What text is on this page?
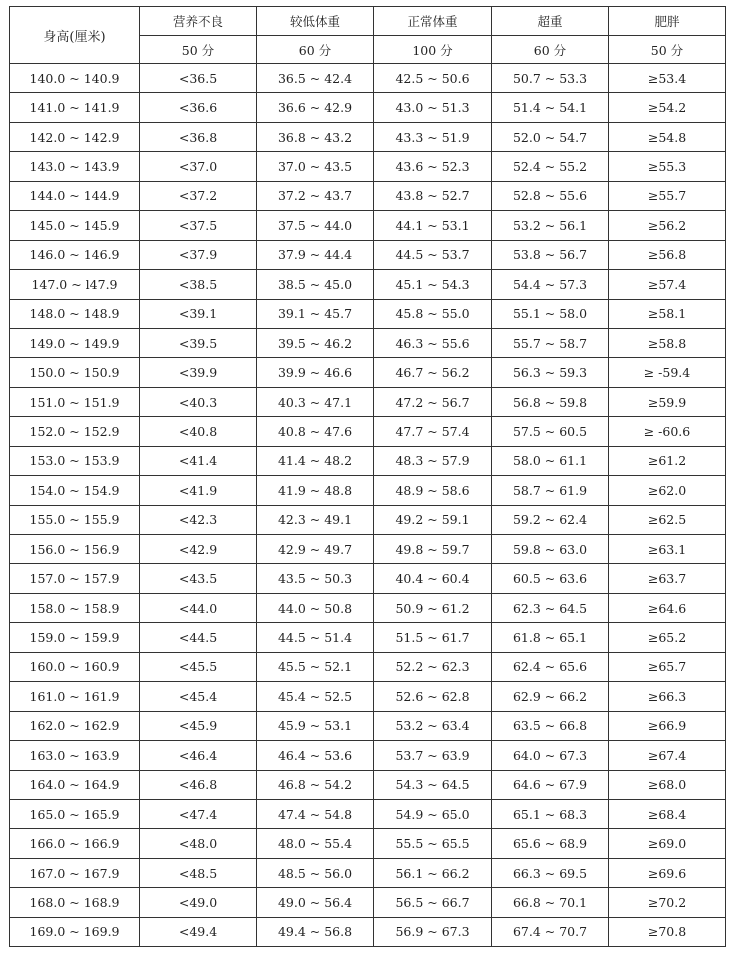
身高(厘米)	营养不良	较低体重	正常体重	超重	肥胖
	50 分	60 分	100 分	60 分	50 分
140.0 ~ 140.9	<36.5	36.5 ~ 42.4	42.5 ~ 50.6	50.7 ~ 53.3	≥53.4
141.0 ~ 141.9	<36.6	36.6 ~ 42.9	43.0 ~ 51.3	51.4 ~ 54.1	≥54.2
142.0 ~ 142.9	<36.8	36.8 ~ 43.2	43.3 ~ 51.9	52.0 ~ 54.7	≥54.8
143.0 ~ 143.9	<37.0	37.0 ~ 43.5	43.6 ~ 52.3	52.4 ~ 55.2	≥55.3
144.0 ~ 144.9	<37.2	37.2 ~ 43.7	43.8 ~ 52.7	52.8 ~ 55.6	≥55.7
145.0 ~ 145.9	<37.5	37.5 ~ 44.0	44.1 ~ 53.1	53.2 ~ 56.1	≥56.2
146.0 ~ 146.9	<37.9	37.9 ~ 44.4	44.5 ~ 53.7	53.8 ~ 56.7	≥56.8
147.0 ~ l47.9	<38.5	38.5 ~ 45.0	45.1 ~ 54.3	54.4 ~ 57.3	≥57.4
148.0 ~ 148.9	<39.1	39.1 ~ 45.7	45.8 ~ 55.0	55.1 ~ 58.0	≥58.1
149.0 ~ 149.9	<39.5	39.5 ~ 46.2	46.3 ~ 55.6	55.7 ~ 58.7	≥58.8
150.0 ~ 150.9	<39.9	39.9 ~ 46.6	46.7 ~ 56.2	56.3 ~ 59.3	≥ -59.4
151.0 ~ 151.9	<40.3	40.3 ~ 47.1	47.2 ~ 56.7	56.8 ~ 59.8	≥59.9
152.0 ~ 152.9	<40.8	40.8 ~ 47.6	47.7 ~ 57.4	57.5 ~ 60.5	≥ -60.6
153.0 ~ 153.9	<41.4	41.4 ~ 48.2	48.3 ~ 57.9	58.0 ~ 61.1	≥61.2
154.0 ~ 154.9	<41.9	41.9 ~ 48.8	48.9 ~ 58.6	58.7 ~ 61.9	≥62.0
155.0 ~ 155.9	<42.3	42.3 ~ 49.1	49.2 ~ 59.1	59.2 ~ 62.4	≥62.5
156.0 ~ 156.9	<42.9	42.9 ~ 49.7	49.8 ~ 59.7	59.8 ~ 63.0	≥63.1
157.0 ~ 157.9	<43.5	43.5 ~ 50.3	40.4 ~ 60.4	60.5 ~ 63.6	≥63.7
158.0 ~ 158.9	<44.0	44.0 ~ 50.8	50.9 ~ 61.2	62.3 ~ 64.5	≥64.6
159.0 ~ 159.9	<44.5	44.5 ~ 51.4	51.5 ~ 61.7	61.8 ~ 65.1	≥65.2
160.0 ~ 160.9	<45.5	45.5 ~ 52.1	52.2 ~ 62.3	62.4 ~ 65.6	≥65.7
161.0 ~ 161.9	<45.4	45.4 ~ 52.5	52.6 ~ 62.8	62.9 ~ 66.2	≥66.3
162.0 ~ 162.9	<45.9	45.9 ~ 53.1	53.2 ~ 63.4	63.5 ~ 66.8	≥66.9
163.0 ~ 163.9	<46.4	46.4 ~ 53.6	53.7 ~ 63.9	64.0 ~ 67.3	≥67.4
164.0 ~ 164.9	<46.8	46.8 ~ 54.2	54.3 ~ 64.5	64.6 ~ 67.9	≥68.0
165.0 ~ 165.9	<47.4	47.4 ~ 54.8	54.9 ~ 65.0	65.1 ~ 68.3	≥68.4
166.0 ~ 166.9	<48.0	48.0 ~ 55.4	55.5 ~ 65.5	65.6 ~ 68.9	≥69.0
167.0 ~ 167.9	<48.5	48.5 ~ 56.0	56.1 ~ 66.2	66.3 ~ 69.5	≥69.6
168.0 ~ 168.9	<49.0	49.0 ~ 56.4	56.5 ~ 66.7	66.8 ~ 70.1	≥70.2
169.0 ~ 169.9	<49.4	49.4 ~ 56.8	56.9 ~ 67.3	67.4 ~ 70.7	≥70.8
